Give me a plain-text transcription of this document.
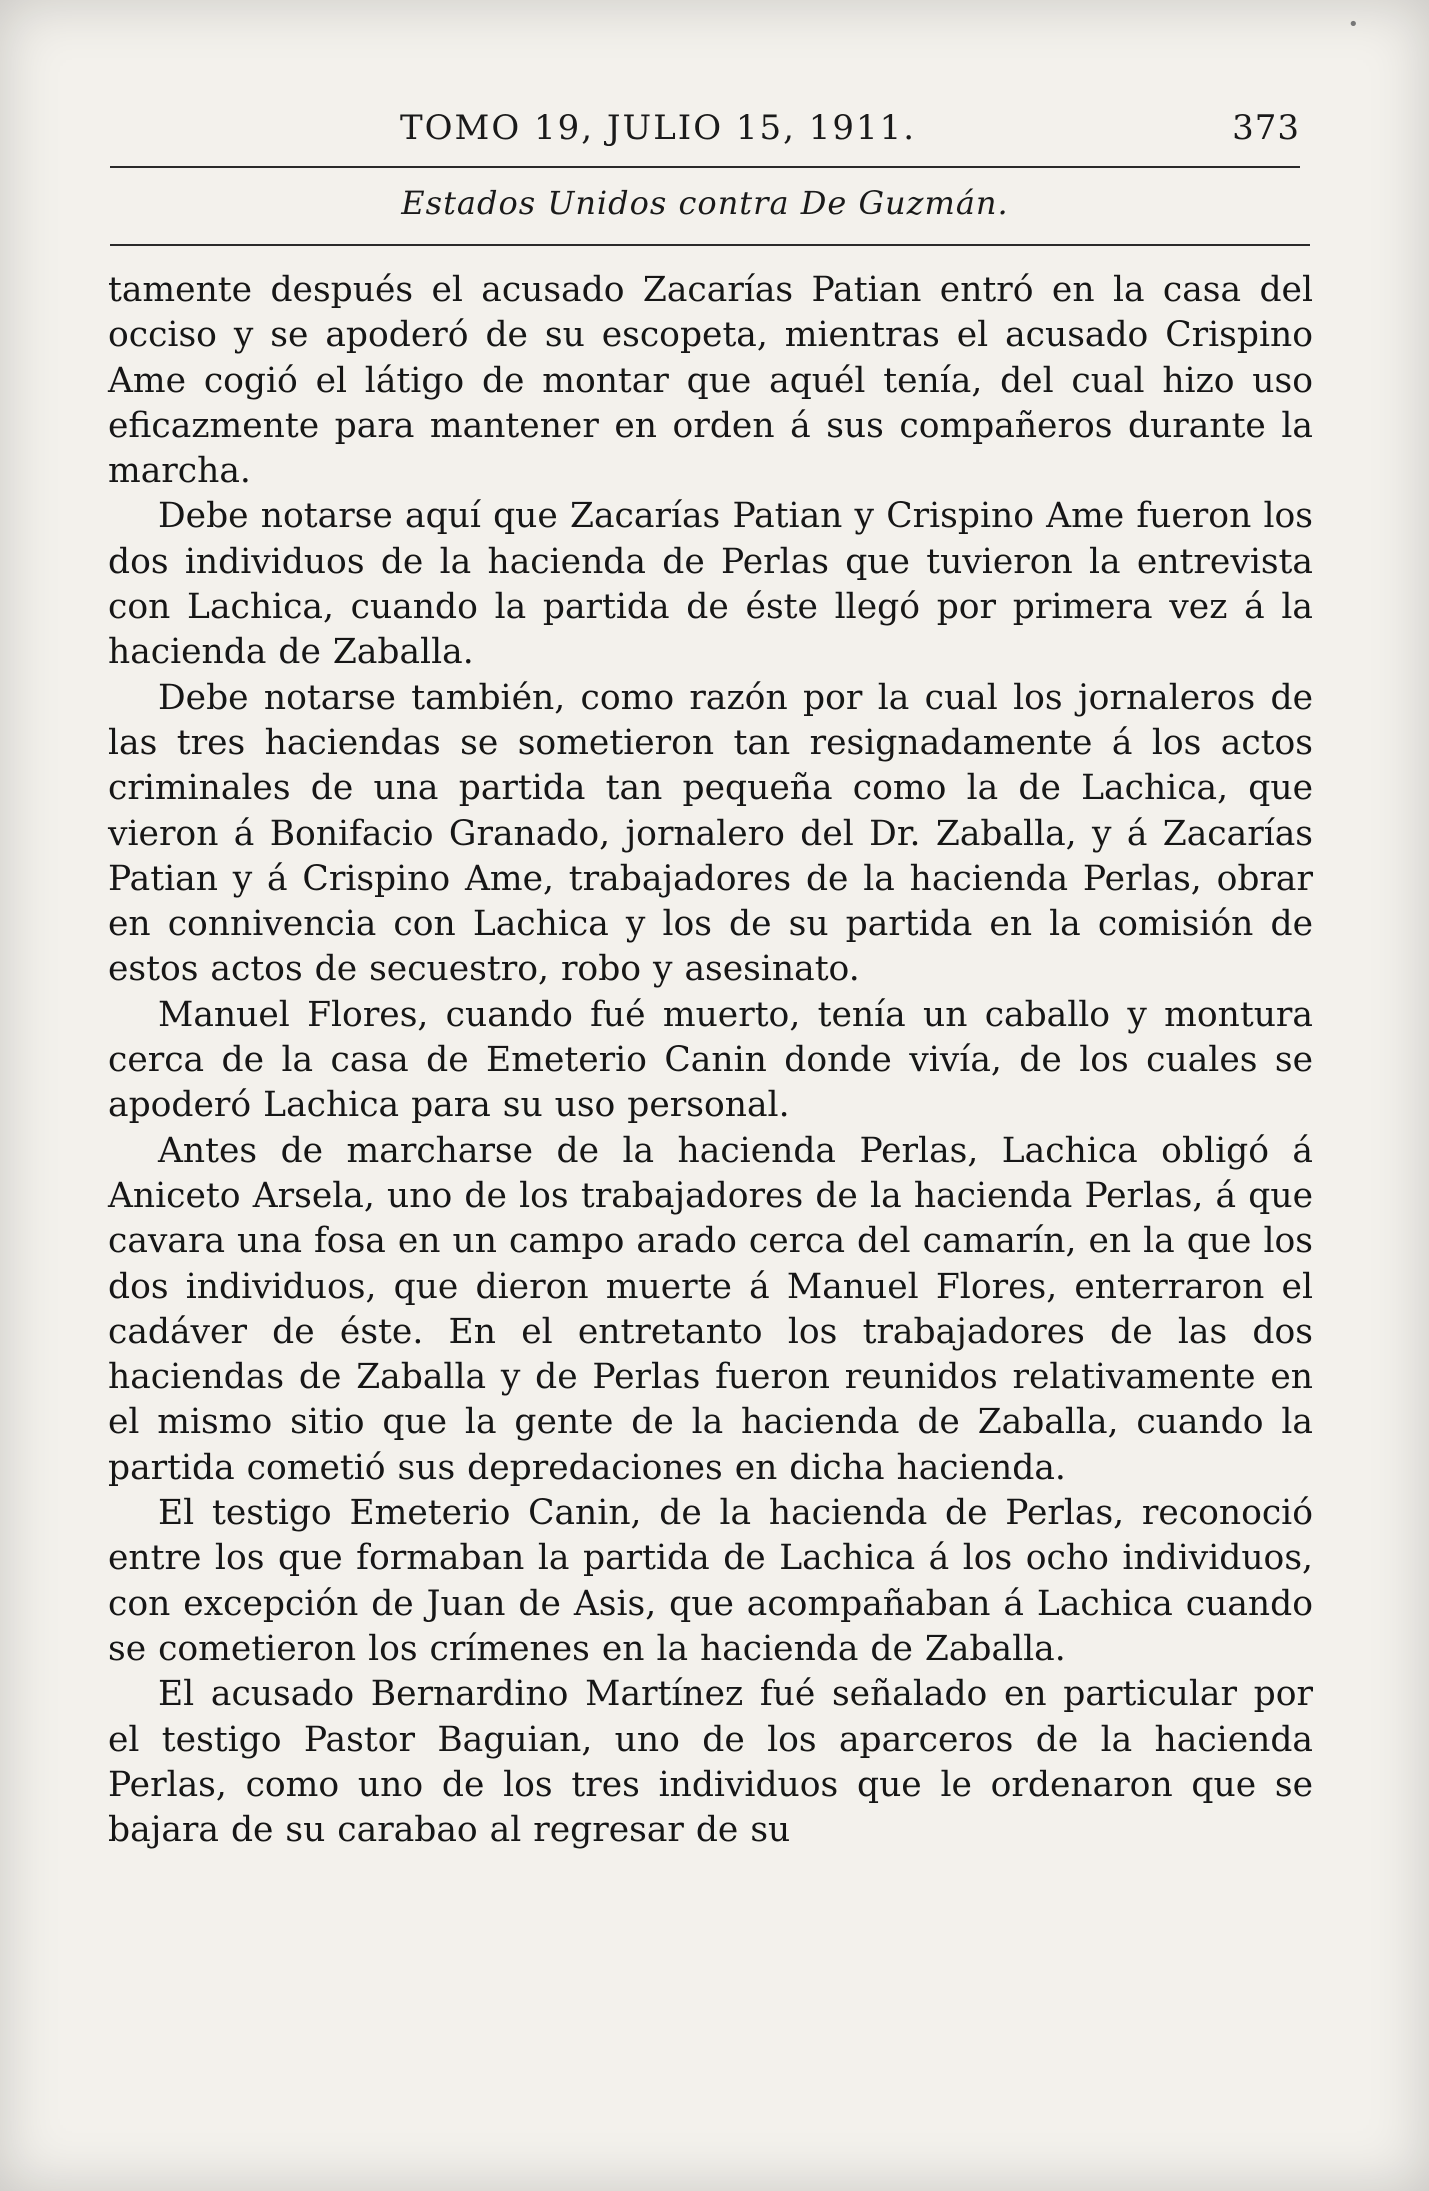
•
TOMO 19, JULIO 15, 1911.	373
Estados Unidos contra De Guzmán.

tamente después el acusado Zacarías Patian entró en la casa del occiso y se apoderó de su escopeta, mientras el acusado Crispino Ame cogió el látigo de montar que aquél tenía, del cual hizo uso eficazmente para mantener en orden á sus compañeros durante la marcha.

Debe notarse aquí que Zacarías Patian y Crispino Ame fueron los dos individuos de la hacienda de Perlas que tuvieron la entrevista con Lachica, cuando la partida de éste llegó por primera vez á la hacienda de Zaballa.

Debe notarse también, como razón por la cual los jornaleros de las tres haciendas se sometieron tan resignadamente á los actos criminales de una partida tan pequeña como la de Lachica, que vieron á Bonifacio Granado, jornalero del Dr. Zaballa, y á Zacarías Patian y á Crispino Ame, trabajadores de la hacienda Perlas, obrar en connivencia con Lachica y los de su partida en la comisión de estos actos de secuestro, robo y asesinato.

Manuel Flores, cuando fué muerto, tenía un caballo y montura cerca de la casa de Emeterio Canin donde vivía, de los cuales se apoderó Lachica para su uso personal.

Antes de marcharse de la hacienda Perlas, Lachica obligó á Aniceto Arsela, uno de los trabajadores de la hacienda Perlas, á que cavara una fosa en un campo arado cerca del camarín, en la que los dos individuos, que dieron muerte á Manuel Flores, enterraron el cadáver de éste. En el entretanto los trabajadores de las dos haciendas de Zaballa y de Perlas fueron reunidos relativamente en el mismo sitio que la gente de la hacienda de Zaballa, cuando la partida cometió sus depredaciones en dicha hacienda.

El testigo Emeterio Canin, de la hacienda de Perlas, reconoció entre los que formaban la partida de Lachica á los ocho individuos, con excepción de Juan de Asis, que acompañaban á Lachica cuando se cometieron los crímenes en la hacienda de Zaballa.

El acusado Bernardino Martínez fué señalado en particular por el testigo Pastor Baguian, uno de los aparceros de la hacienda Perlas, como uno de los tres individuos que le ordenaron que se bajara de su carabao al regresar de su
